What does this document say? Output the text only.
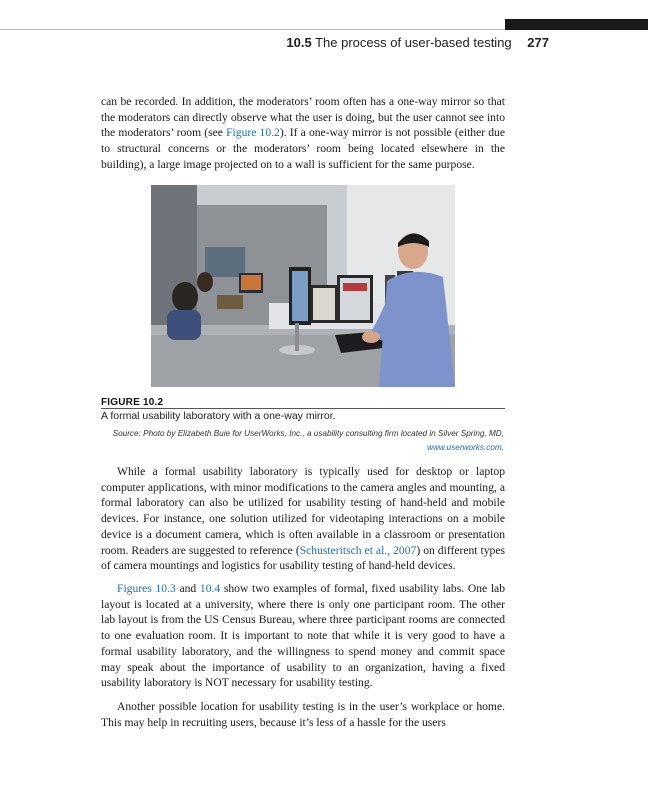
10.5 The process of user-based testing 277

can be recorded. In addition, the moderators’ room often has a one-way mirror so that the moderators can directly observe what the user is doing, but the user cannot see into the moderators’ room (see Figure 10.2). If a one-way mirror is not possible (either due to structural concerns or the moderators’ room being located elsewhere in the building), a large image projected on to a wall is sufficient for the same purpose.

FIGURE 10.2
A formal usability laboratory with a one-way mirror.
Source: Photo by Elizabeth Buie for UserWorks, Inc., a usability consulting firm located in Silver Spring, MD,
www.userworks.com.

While a formal usability laboratory is typically used for desktop or laptop computer applications, with minor modifications to the camera angles and mounting, a formal laboratory can also be utilized for usability testing of hand-held and mobile devices. For instance, one solution utilized for videotaping interactions on a mobile device is a document camera, which is often available in a classroom or presentation room. Readers are suggested to reference (Schusteritsch et al., 2007) on different types of camera mountings and logistics for usability testing of hand-held devices.

Figures 10.3 and 10.4 show two examples of formal, fixed usability labs. One lab layout is located at a university, where there is only one participant room. The other lab layout is from the US Census Bureau, where three participant rooms are connected to one evaluation room. It is important to note that while it is very good to have a formal usability laboratory, and the willingness to spend money and commit space may speak about the importance of usability to an organization, having a fixed usability laboratory is NOT necessary for usability testing.

Another possible location for usability testing is in the user’s workplace or home. This may help in recruiting users, because it’s less of a hassle for the users
